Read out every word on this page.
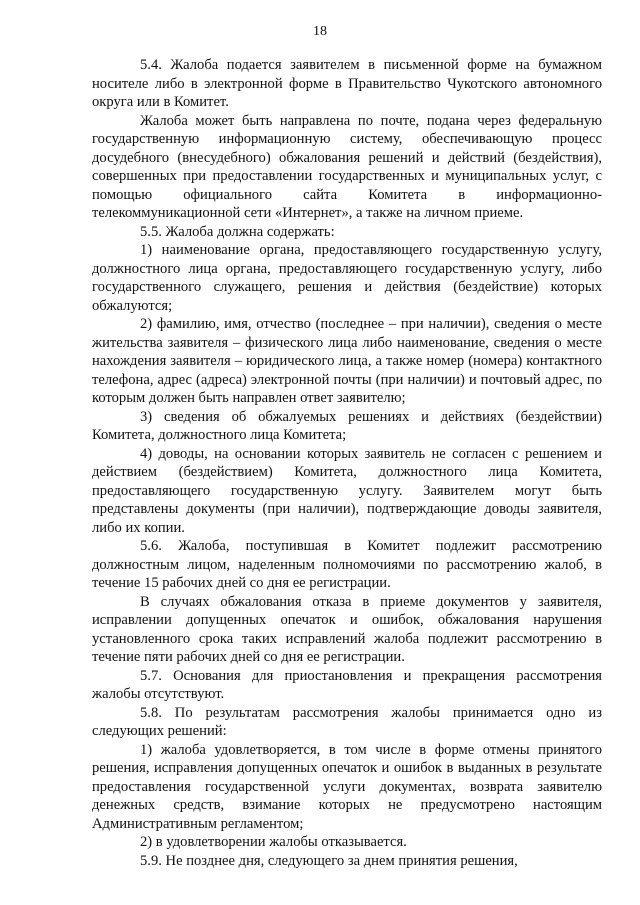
18

5.4. Жалоба подается заявителем в письменной форме на бумажном носителе либо в электронной форме в Правительство Чукотского автономного округа или в Комитет.

Жалоба может быть направлена по почте, подана через федеральную государственную информационную систему, обеспечивающую процесс досудебного (внесудебного) обжалования решений и действий (бездействия), совершенных при предоставлении государственных и муниципальных услуг, с помощью официального сайта Комитета в информационно-телекоммуникационной сети «Интернет», а также на личном приеме.

5.5. Жалоба должна содержать:

1) наименование органа, предоставляющего государственную услугу, должностного лица органа, предоставляющего государственную услугу, либо государственного служащего, решения и действия (бездействие) которых обжалуются;

2) фамилию, имя, отчество (последнее – при наличии), сведения о месте жительства заявителя – физического лица либо наименование, сведения о месте нахождения заявителя – юридического лица, а также номер (номера) контактного телефона, адрес (адреса) электронной почты (при наличии) и почтовый адрес, по которым должен быть направлен ответ заявителю;

3) сведения об обжалуемых решениях и действиях (бездействии) Комитета, должностного лица Комитета;

4) доводы, на основании которых заявитель не согласен с решением и действием (бездействием) Комитета, должностного лица Комитета, предоставляющего государственную услугу. Заявителем могут быть представлены документы (при наличии), подтверждающие доводы заявителя, либо их копии.

5.6. Жалоба, поступившая в Комитет подлежит рассмотрению должностным лицом, наделенным полномочиями по рассмотрению жалоб, в течение 15 рабочих дней со дня ее регистрации.

В случаях обжалования отказа в приеме документов у заявителя, исправлении допущенных опечаток и ошибок, обжалования нарушения установленного срока таких исправлений жалоба подлежит рассмотрению в течение пяти рабочих дней со дня ее регистрации.

5.7. Основания для приостановления и прекращения рассмотрения жалобы отсутствуют.

5.8. По результатам рассмотрения жалобы принимается одно из следующих решений:

1) жалоба удовлетворяется, в том числе в форме отмены принятого решения, исправления допущенных опечаток и ошибок в выданных в результате предоставления государственной услуги документах, возврата заявителю денежных средств, взимание которых не предусмотрено настоящим Административным регламентом;

2) в удовлетворении жалобы отказывается.

5.9. Не позднее дня, следующего за днем принятия решения,
